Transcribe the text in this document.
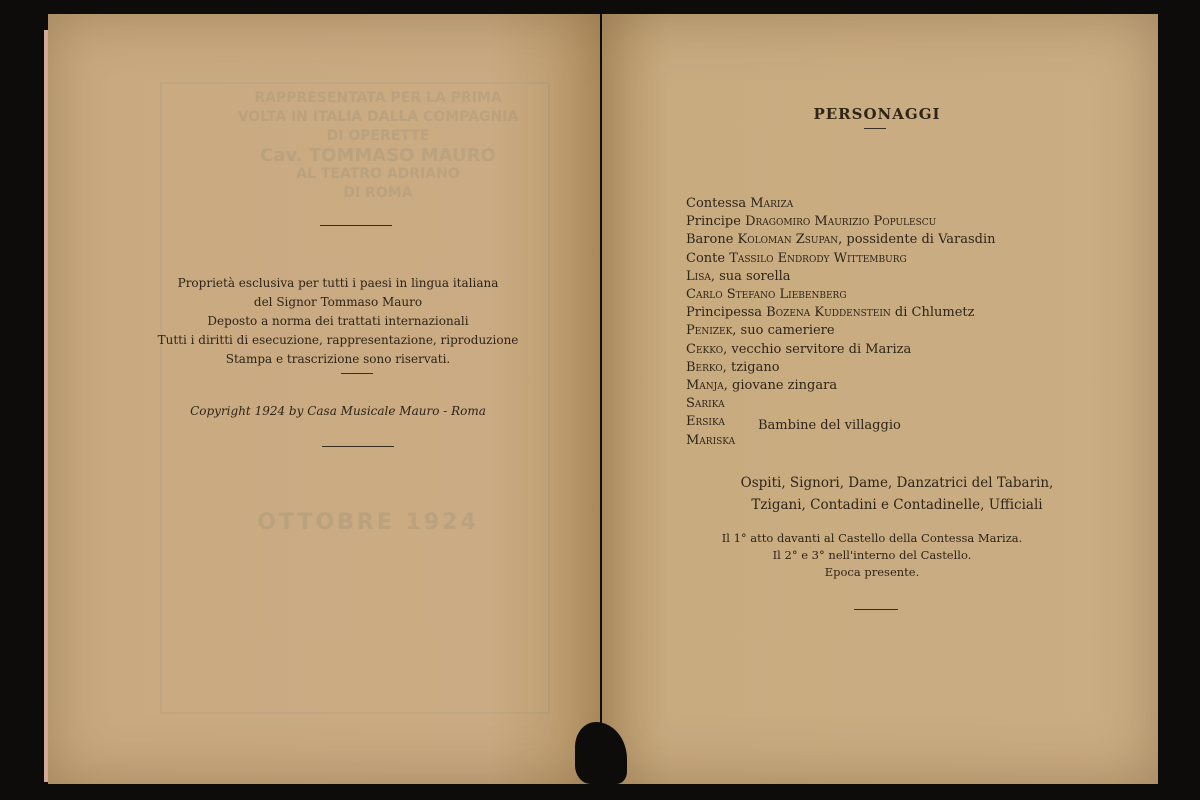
RAPPRESENTATA PER LA PRIMA
VOLTA IN ITALIA DALLA COMPAGNIA
DI OPERETTE
Cav. TOMMASO MAURO
AL TEATRO ADRIANO
DI ROMA
OTTOBRE 1924
Proprietà esclusiva per tutti i paesi in lingua italiana
del Signor Tommaso Mauro
Deposto a norma dei trattati internazionali
Tutti i diritti di esecuzione, rappresentazione, riproduzione
Stampa e trascrizione sono riservati.
Copyright 1924 by Casa Musicale Mauro - Roma
PERSONAGGI
Contessa Mariza
Principe Dragomiro Maurizio Populescu
Barone Koloman Zsupan, possidente di Varasdin
Conte Tassilo Endrody Wittemburg
Lisa, sua sorella
Carlo Stefano Liebenberg
Principessa Bozena Kuddenstein di Chlumetz
Penizek, suo cameriere
Cekko, vecchio servitore di Mariza
Berko, tzigano
Manja, giovane zingara
Sarika
Ersika
Mariska
Bambine del villaggio
Ospiti, Signori, Dame, Danzatrici del Tabarin,
Tzigani, Contadini e Contadinelle, Ufficiali
Il 1° atto davanti al Castello della Contessa Mariza.
Il 2° e 3° nell'interno del Castello.
Epoca presente.
